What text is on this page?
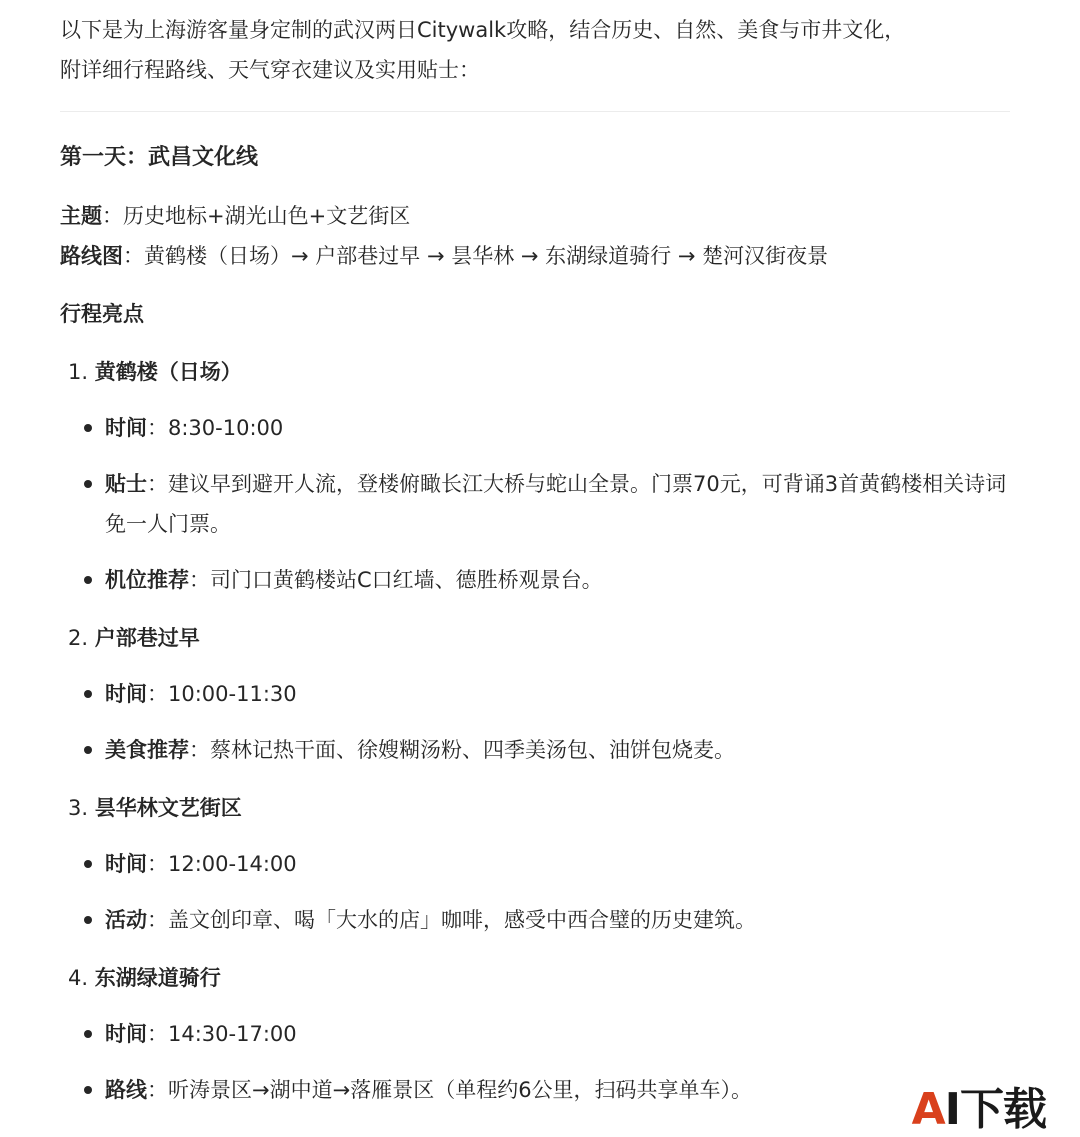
以下是为上海游客量身定制的武汉两日Citywalk攻略，结合历史、自然、美食与市井文化，
附详细行程路线、天气穿衣建议及实用贴士：

第一天：武昌文化线

主题：历史地标+湖光山色+文艺街区

路线图：黄鹤楼（日场）→ 户部巷过早 → 昙华林 → 东湖绿道骑行 → 楚河汉街夜景

行程亮点

1. 黄鹤楼（日场）

时间：8:30-10:00
贴士：建议早到避开人流，登楼俯瞰长江大桥与蛇山全景。门票70元，可背诵3首黄鹤楼相关诗词免一人门票。
机位推荐：司门口黄鹤楼站C口红墙、德胜桥观景台。

2. 户部巷过早

时间：10:00-11:30
美食推荐：蔡林记热干面、徐嫂糊汤粉、四季美汤包、油饼包烧麦。

3. 昙华林文艺街区

时间：12:00-14:00
活动：盖文创印章、喝「大水的店」咖啡，感受中西合璧的历史建筑。

4. 东湖绿道骑行

时间：14:30-17:00
路线：听涛景区→湖中道→落雁景区（单程约6公里，扫码共享单车）。	AI下载
